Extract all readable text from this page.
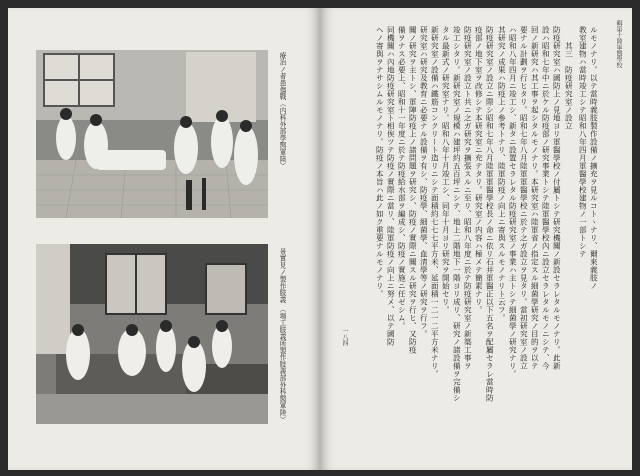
療治ノ者患傷戰（内科外部學醫軍陸）
景實見ノ製作肢義 （場工肢義所製作肢義部外科醫軍陸）
輯第十陸軍醫學校
一八四
ルモノナリ。以テ當時義肢製作設備ノ擴充ヲ見ルコトヽナリ、爾來義肢ノ
教室建物ハ當時竣工シテ昭和八年四月軍醫學校建物ノ一部トシテ
　　其三　防疫研究室ノ設立
防疫研究室ハ國防上ノ見地ヨリ軍醫學校ノ付屬トシテ研究機關ノ新設セラレタルモノナリ。此新
設ハ昭和七年中ニ於ケル防疫部ノ研究事業トシテ陸軍醫學校內ニ設立セラレタルモノニシテ、今
回ノ新研究ハ其工事ヲ起シタルモノナリ。本研究室ハ陸軍省ノ指定スル細菌學研究ノ目的ヲ以テ
要ナル計劃ヲ行ヒタリ。昭和七年八月陸軍軍醫學校ニ於テ之ガ設立ヲ見タリ。當初研究室ノ設立
ハ昭和八年四月ニ竣工シ、新タニ設置セラレタル防疫研究室ノ事業ハ主トシテ細菌學ノ研究ナリ。
其研究ノ成果ハ防疫上ノ參考トナリ、陸軍防疫ノ向上ニ寄與スルモノナリト云フ。
防疫研究室ノ設立ニ際シ昭和七年八月陸軍軍醫學校長ノ命ニ依リ石井軍醫正以下五名ヲ配屬セラレ當時防
疫部ノ地下室ヲ改修シテ本研究室ニ充テタリ。研究室ノ内容ハ極メテ簡素ナリ。
防疫研究室ノ設立ト共ニ之ガ研究ヲ擴張スルニ至リ、昭和八年度ニ於テ防疫研究室ノ新築工事ヲ
竣工シタリ。新研究室ノ規模ハ建坪約五百坪ニシテ、地上二階地下一階ヨリ成リ、研究ノ諸設備ヲ完備シ
タル最新式ノ研究室ナリ。昭和八年十月竣工シ、同年十月ヨリ研究ヲ開始セリ。
新研究室ノ設備ハ鐵筋コンクリート造リニシテ面積約七七七平方米、延面積一二一二平方米ナリ。
研究室ハ研究及教育ニ必要ナル設備ヲ有シ、防疫學、細菌學、血清學等ノ研究ヲ行フ。
關ノ研究ヲ主トシ、軍陣防疫上ノ諸問題ヲ研究シ、防疫ノ實際ニ關スル研究ヲ行ヒ、又防疫
備ヲナス必要上、昭和十一年度ニ於テ防疫給水部ヲ編成シ、防疫ノ實施ニ任ゼシム。
同機關ハ內地防疫研究室ト相俟ツテ防疫ノ實際ニ當リ、陸軍防疫ノ向上ニ努メ、以テ國防
ヘノ寄與ヲナサシムルモノナリ。防疫ノ本旨ハ此ノ如ク重要ナルモノナリ。
